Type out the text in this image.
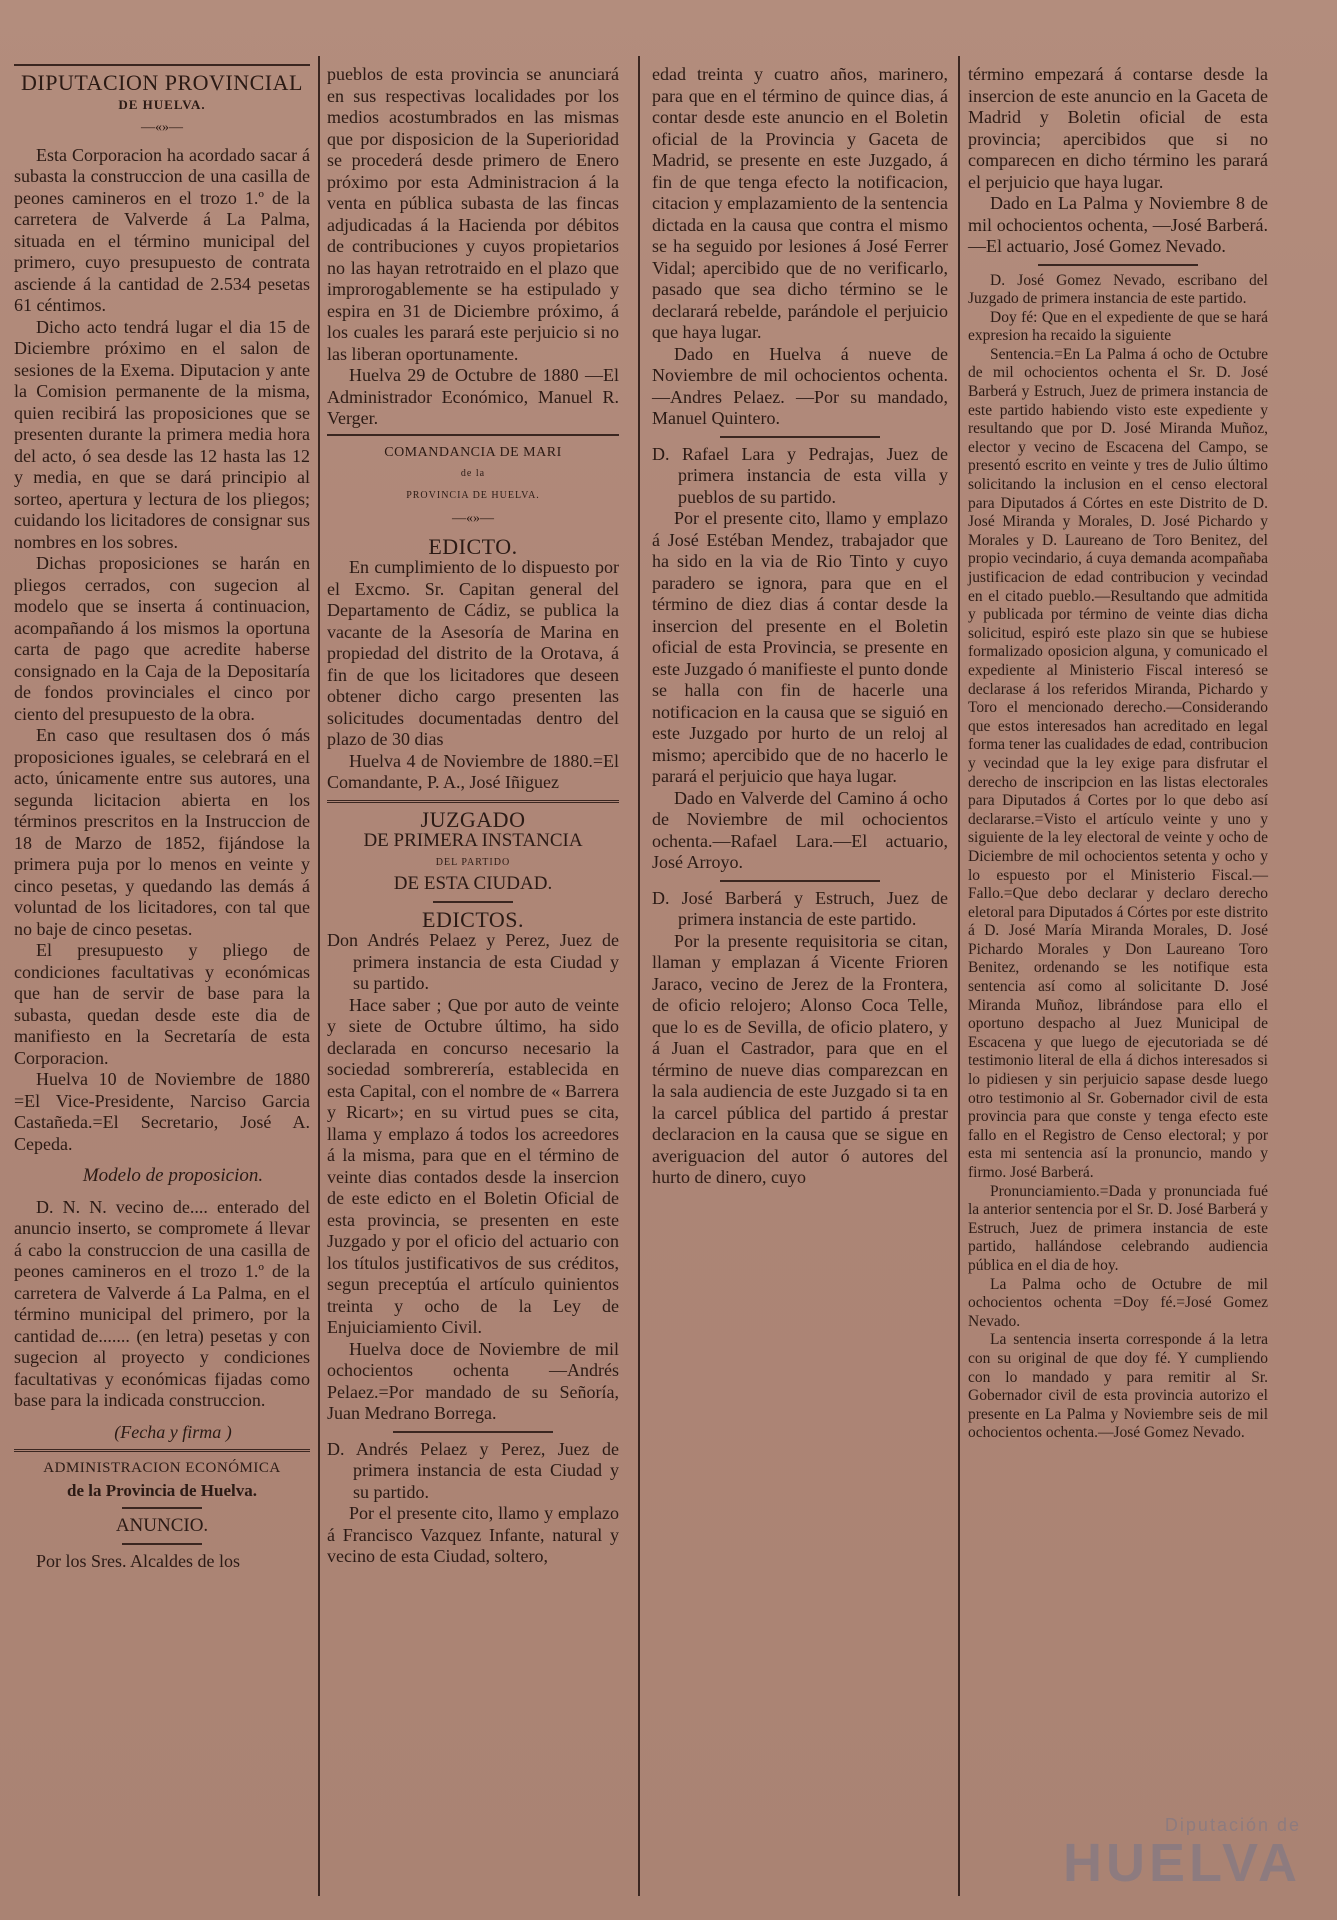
DIPUTACION PROVINCIAL
DE HUELVA.
—«»—

Esta Corporacion ha acordado sacar á subasta la construccion de una casilla de peones camineros en el trozo 1.º de la carretera de Valverde á La Palma, situada en el término municipal del primero, cuyo presupuesto de contrata asciende á la cantidad de 2.534 pesetas 61 céntimos.

Dicho acto tendrá lugar el dia 15 de Diciembre próximo en el salon de sesiones de la Exema. Diputacion y ante la Comision permanente de la misma, quien recibirá las proposiciones que se presenten durante la primera media hora del acto, ó sea desde las 12 hasta las 12 y media, en que se dará principio al sorteo, apertura y lectura de los pliegos; cuidando los licitadores de consignar sus nombres en los sobres.

Dichas proposiciones se harán en pliegos cerrados, con sugecion al modelo que se inserta á continuacion, acompañando á los mismos la oportuna carta de pago que acredite haberse consignado en la Caja de la Depositaría de fondos provinciales el cinco por ciento del presupuesto de la obra.

En caso que resultasen dos ó más proposiciones iguales, se celebrará en el acto, únicamente entre sus autores, una segunda licitacion abierta en los términos prescritos en la Instruccion de 18 de Marzo de 1852, fijándose la primera puja por lo menos en veinte y cinco pesetas, y quedando las demás á voluntad de los licitadores, con tal que no baje de cinco pesetas.

El presupuesto y pliego de condiciones facultativas y económicas que han de servir de base para la subasta, quedan desde este dia de manifiesto en la Secretaría de esta Corporacion.

Huelva 10 de Noviembre de 1880 =El Vice-Presidente, Narciso Garcia Castañeda.=El Secretario, José A. Cepeda.

Modelo de proposicion.

D. N. N. vecino de.... enterado del anuncio inserto, se compromete á llevar á cabo la construccion de una casilla de peones camineros en el trozo 1.º de la carretera de Valverde á La Palma, en el término municipal del primero, por la cantidad de....... (en letra) pesetas y con sugecion al proyecto y condiciones facultativas y económicas fijadas como base para la indicada construccion.

(Fecha y firma )

ADMINISTRACION ECONÓMICA
de la Provincia de Huelva.
ANUNCIO.

Por los Sres. Alcaldes de los

pueblos de esta provincia se anunciará en sus respectivas localidades por los medios acostumbrados en las mismas que por disposicion de la Superioridad se procederá desde primero de Enero próximo por esta Administracion á la venta en pública subasta de las fincas adjudicadas á la Hacienda por débitos de contribuciones y cuyos propietarios no las hayan retrotraido en el plazo que improrogablemente se ha estipulado y espira en 31 de Diciembre próximo, á los cuales les parará este perjuicio si no las liberan oportunamente.

Huelva 29 de Octubre de 1880 —El Administrador Económico, Manuel R. Verger.

COMANDANCIA DE MARI
de la
PROVINCIA DE HUELVA.
—«»—
EDICTO.

En cumplimiento de lo dispuesto por el Excmo. Sr. Capitan general del Departamento de Cádiz, se publica la vacante de la Asesoría de Marina en propiedad del distrito de la Orotava, á fin de que los licitadores que deseen obtener dicho cargo presenten las solicitudes documentadas dentro del plazo de 30 dias

Huelva 4 de Noviembre de 1880.=El Comandante, P. A., José Iñiguez

JUZGADO
DE PRIMERA INSTANCIA
DEL PARTIDO
DE ESTA CIUDAD.
EDICTOS.

Don Andrés Pelaez y Perez, Juez de primera instancia de esta Ciudad y su partido.

Hace saber ; Que por auto de veinte y siete de Octubre último, ha sido declarada en concurso necesario la sociedad sombrerería, establecida en esta Capital, con el nombre de « Barrera y Ricart»; en su virtud pues se cita, llama y emplazo á todos los acreedores á la misma, para que en el término de veinte dias contados desde la insercion de este edicto en el Boletin Oficial de esta provincia, se presenten en este Juzgado y por el oficio del actuario con los títulos justificativos de sus créditos, segun preceptúa el artículo quinientos treinta y ocho de la Ley de Enjuiciamiento Civil.

Huelva doce de Noviembre de mil ochocientos ochenta —Andrés Pelaez.=Por mandado de su Señoría, Juan Medrano Borrega.

D. Andrés Pelaez y Perez, Juez de primera instancia de esta Ciudad y su partido.

Por el presente cito, llamo y emplazo á Francisco Vazquez Infante, natural y vecino de esta Ciudad, soltero,

edad treinta y cuatro años, marinero, para que en el término de quince dias, á contar desde este anuncio en el Boletin oficial de la Provincia y Gaceta de Madrid, se presente en este Juzgado, á fin de que tenga efecto la notificacion, citacion y emplazamiento de la sentencia dictada en la causa que contra el mismo se ha seguido por lesiones á José Ferrer Vidal; apercibido que de no verificarlo, pasado que sea dicho término se le declarará rebelde, parándole el perjuicio que haya lugar.

Dado en Huelva á nueve de Noviembre de mil ochocientos ochenta.—Andres Pelaez. —Por su mandado, Manuel Quintero.

D. Rafael Lara y Pedrajas, Juez de primera instancia de esta villa y pueblos de su partido.

Por el presente cito, llamo y emplazo á José Estéban Mendez, trabajador que ha sido en la via de Rio Tinto y cuyo paradero se ignora, para que en el término de diez dias á contar desde la insercion del presente en el Boletin oficial de esta Provincia, se presente en este Juzgado ó manifieste el punto donde se halla con fin de hacerle una notificacion en la causa que se siguió en este Juzgado por hurto de un reloj al mismo; apercibido que de no hacerlo le parará el perjuicio que haya lugar.

Dado en Valverde del Camino á ocho de Noviembre de mil ochocientos ochenta.—Rafael Lara.—El actuario, José Arroyo.

D. José Barberá y Estruch, Juez de primera instancia de este partido.

Por la presente requisitoria se citan, llaman y emplazan á Vicente Frioren Jaraco, vecino de Jerez de la Frontera, de oficio relojero; Alonso Coca Telle, que lo es de Sevilla, de oficio platero, y á Juan el Castrador, para que en el término de nueve dias comparezcan en la sala audiencia de este Juzgado si ta en la carcel pública del partido á prestar declaracion en la causa que se sigue en averiguacion del autor ó autores del hurto de dinero, cuyo

término empezará á contarse desde la insercion de este anuncio en la Gaceta de Madrid y Boletin oficial de esta provincia; apercibidos que si no comparecen en dicho término les parará el perjuicio que haya lugar.

Dado en La Palma y Noviembre 8 de mil ochocientos ochenta, —José Barberá. —El actuario, José Gomez Nevado.

D. José Gomez Nevado, escribano del Juzgado de primera instancia de este partido.

Doy fé: Que en el expediente de que se hará expresion ha recaido la siguiente

Sentencia.=En La Palma á ocho de Octubre de mil ochocientos ochenta el Sr. D. José Barberá y Estruch, Juez de primera instancia de este partido habiendo visto este expediente y resultando que por D. José Miranda Muñoz, elector y vecino de Escacena del Campo, se presentó escrito en veinte y tres de Julio último solicitando la inclusion en el censo electoral para Diputados á Córtes en este Distrito de D. José Miranda y Morales, D. José Pichardo y Morales y D. Laureano de Toro Benitez, del propio vecindario, á cuya demanda acompañaba justificacion de edad contribucion y vecindad en el citado pueblo.—Resultando que admitida y publicada por término de veinte dias dicha solicitud, espiró este plazo sin que se hubiese formalizado oposicion alguna, y comunicado el expediente al Ministerio Fiscal interesó se declarase á los referidos Miranda, Pichardo y Toro el mencionado derecho.—Considerando que estos interesados han acreditado en legal forma tener las cualidades de edad, contribucion y vecindad que la ley exige para disfrutar el derecho de inscripcion en las listas electorales para Diputados á Cortes por lo que debo así declararse.=Visto el artículo veinte y uno y siguiente de la ley electoral de veinte y ocho de Diciembre de mil ochocientos setenta y ocho y lo espuesto por el Ministerio Fiscal.—Fallo.=Que debo declarar y declaro derecho eletoral para Diputados á Córtes por este distrito á D. José María Miranda Morales, D. José Pichardo Morales y Don Laureano Toro Benitez, ordenando se les notifique esta sentencia así como al solicitante D. José Miranda Muñoz, librándose para ello el oportuno despacho al Juez Municipal de Escacena y que luego de ejecutoriada se dé testimonio literal de ella á dichos interesados si lo pidiesen y sin perjuicio sapase desde luego otro testimonio al Sr. Gobernador civil de esta provincia para que conste y tenga efecto este fallo en el Registro de Censo electoral; y por esta mi sentencia así la pronuncio, mando y firmo. José Barberá.

Pronunciamiento.=Dada y pronunciada fué la anterior sentencia por el Sr. D. José Barberá y Estruch, Juez de primera instancia de este partido, hallándose celebrando audiencia pública en el dia de hoy.

La Palma ocho de Octubre de mil ochocientos ochenta =Doy fé.=José Gomez Nevado.

La sentencia inserta corresponde á la letra con su original de que doy fé. Y cumpliendo con lo mandado y para remitir al Sr. Gobernador civil de esta provincia autorizo el presente en La Palma y Noviembre seis de mil ochocientos ochenta.—José Gomez Nevado.

Diputación de
HUELVA
